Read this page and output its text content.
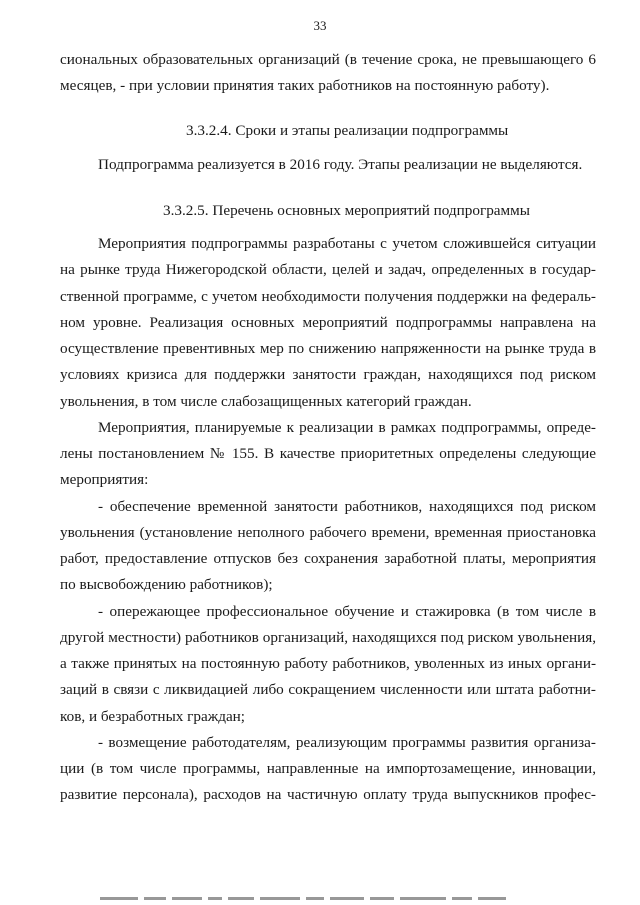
33
сиональных образовательных организаций (в течение срока, не превышающего 6
месяцев, - при условии принятия таких работников на постоянную работу).
3.3.2.4. Сроки и этапы реализации подпрограммы
Подпрограмма реализуется в 2016 году. Этапы реализации не выделяются.
3.3.2.5. Перечень основных мероприятий подпрограммы
Мероприятия подпрограммы разработаны с учетом сложившейся ситуации
на рынке труда Нижегородской области, целей и задач, определенных в государ-
ственной программе, с учетом необходимости получения поддержки на федераль-
ном уровне. Реализация основных мероприятий подпрограммы направлена на
осуществление превентивных мер по снижению напряженности на рынке труда в
условиях кризиса для поддержки занятости граждан, находящихся под риском
увольнения, в том числе слабозащищенных категорий граждан.
Мероприятия, планируемые к реализации в рамках подпрограммы, опреде-
лены постановлением № 155. В качестве приоритетных определены следующие
мероприятия:
- обеспечение временной занятости работников, находящихся под риском
увольнения (установление неполного рабочего времени, временная приостановка
работ, предоставление отпусков без сохранения заработной платы, мероприятия
по высвобождению работников);
- опережающее профессиональное обучение и стажировка (в том числе в
другой местности) работников организаций, находящихся под риском увольнения,
а также принятых на постоянную работу работников, уволенных из иных органи-
заций в связи с ликвидацией либо сокращением численности или штата работни-
ков, и безработных граждан;
- возмещение работодателям, реализующим программы развития организа-
ции (в том числе программы, направленные на импортозамещение, инновации,
развитие персонала), расходов на частичную оплату труда выпускников профес-
